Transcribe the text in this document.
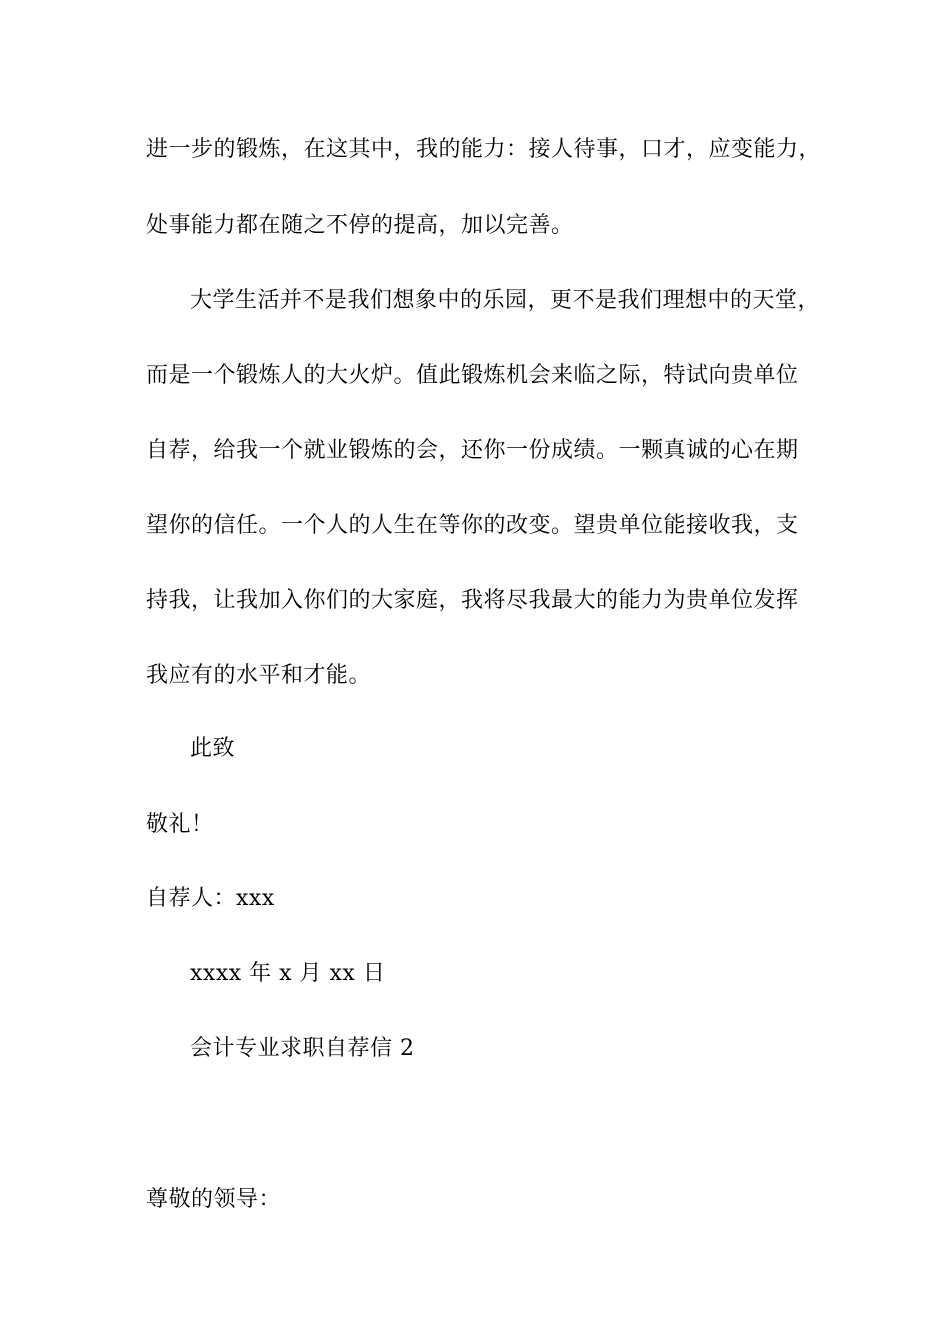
进一步的锻炼，在这其中，我的能力：接人待事，口才，应变能力，
处事能力都在随之不停的提高，加以完善。
大学生活并不是我们想象中的乐园，更不是我们理想中的天堂，
而是一个锻炼人的大火炉。值此锻炼机会来临之际，特试向贵单位
自荐，给我一个就业锻炼的会，还你一份成绩。一颗真诚的心在期
望你的信任。一个人的人生在等你的改变。望贵单位能接收我，支
持我，让我加入你们的大家庭，我将尽我最大的能力为贵单位发挥
我应有的水平和才能。
此致
敬礼！
自荐人：xxx
xxxx 年 x 月 xx 日
会计专业求职自荐信 2
尊敬的领导：
